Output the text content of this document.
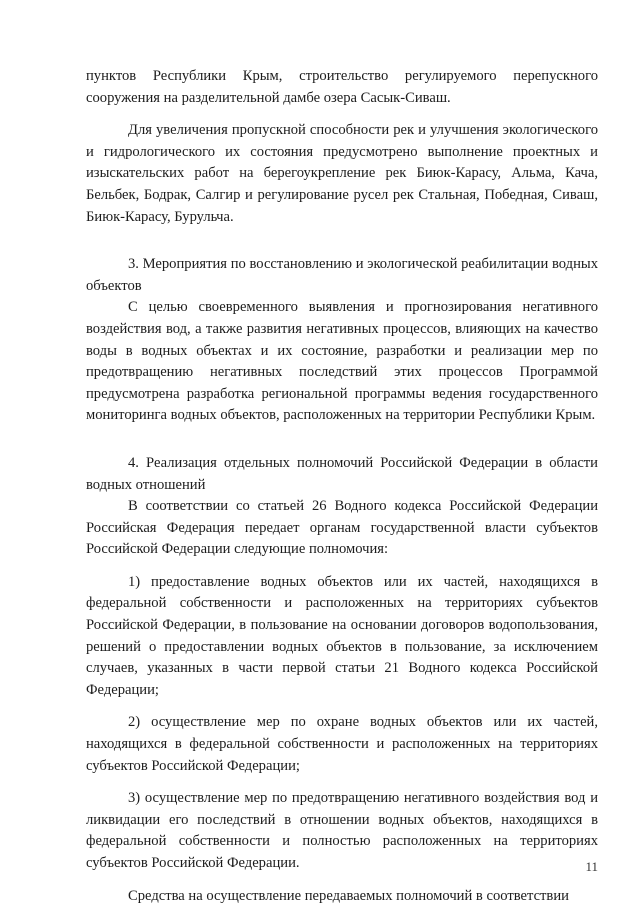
пунктов Республики Крым, строительство регулируемого перепускного сооружения на разделительной дамбе озера Сасык-Сиваш.

Для увеличения пропускной способности рек и улучшения экологического и гидрологического их состояния предусмотрено выполнение проектных и изыскательских работ на берегоукрепление рек Биюк-Карасу, Альма, Кача, Бельбек, Бодрак, Салгир и регулирование русел рек Стальная, Победная, Сиваш, Биюк-Карасу, Бурульча.

3. Мероприятия по восстановлению и экологической реабилитации водных объектов

С целью своевременного выявления и прогнозирования негативного воздействия вод, а также развития негативных процессов, влияющих на качество воды в водных объектах и их состояние, разработки и реализации мер по предотвращению негативных последствий этих процессов Программой предусмотрена разработка региональной программы ведения государственного мониторинга водных объектов, расположенных на территории Республики Крым.

4. Реализация отдельных полномочий Российской Федерации в области водных отношений

В соответствии со статьей 26 Водного кодекса Российской Федерации Российская Федерация передает органам государственной власти субъектов Российской Федерации следующие полномочия:

1) предоставление водных объектов или их частей, находящихся в федеральной собственности и расположенных на территориях субъектов Российской Федерации, в пользование на основании договоров водопользования, решений о предоставлении водных объектов в пользование, за исключением случаев, указанных в части первой статьи 21 Водного кодекса Российской Федерации;

2) осуществление мер по охране водных объектов или их частей, находящихся в федеральной собственности и расположенных на территориях субъектов Российской Федерации;

3) осуществление мер по предотвращению негативного воздействия вод и ликвидации его последствий в отношении водных объектов, находящихся в федеральной собственности и полностью расположенных на территориях субъектов Российской Федерации.

Средства на осуществление передаваемых полномочий в соответствии

11
